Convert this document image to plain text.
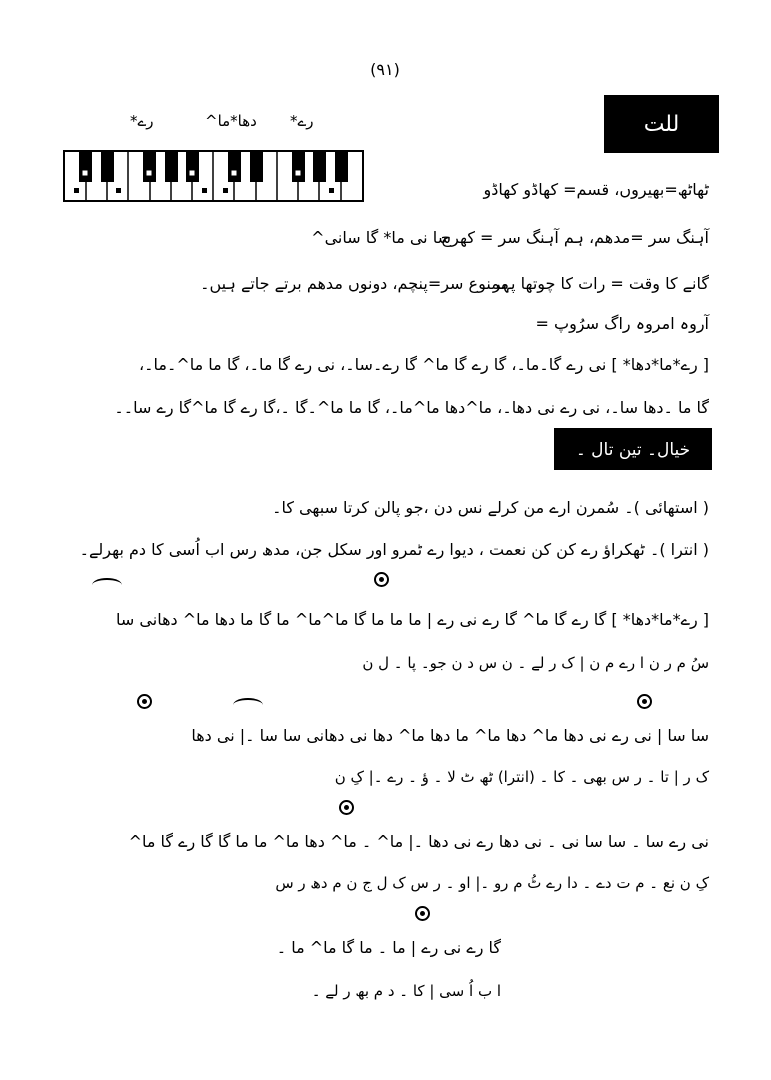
(۹۱)
للت
رے*
دھا*ما^
رے*
ٹھاٹھ=بھیروں، قسم= کھاڈو کھاڈو
سا نی ما* گا سانی^
آہنگ سر =مدھم، ہم آہنگ سر = کھرج
گانے کا وقت = رات کا چوتھا پہر
ممنوع سر=پنچم، دونوں مدھم برتے جاتے ہیں۔
آروہ امروہ راگ سرُوپ =
[ رے*ما*دھا* ] نی رے گا۔ما۔، گا رے گا ما^ گا رے۔سا۔، نی رے گا ما۔، گا ما ما^۔ما۔،
گا ما ۔دھا سا۔، نی رے نی دھا۔، ما^دھا ما^ما۔، گا ما ما^۔گا ۔،گا رے گا ما^گا رے سا۔۔
خیال۔ تین تال ۔
( استھائی )۔ سُمرن ارے من کرلے نس دن ،جو پالن کرتا سبھی کا۔
( انترا )۔ ٹھکراؤ رے کن کن نعمت ، دیوا رے ٹمرو اور سکل جن، مدھ رس اب اُسی کا دم بھرلے۔
[ رے*ما*دھا* ] گا رے گا ما^ گا رے نی رے | ما ما ما گا ما^ما^ ما گا ما دھا ما^ دھانی سا
سُ م ر ن ا رے م ن | ک ر لے ۔ ن س د ن جو۔ پا ۔ ل ن
سا سا | نی رے نی دھا ما^ دھا ما^ ما دھا ما^ دھا نی دھانی سا سا ۔| نی دھا
ک ر | تا ۔ ر س بھی ۔ کا ۔ (انترا) ٹھ ٹ لا ۔ ؤ ۔ رے ۔| کِ ن
نی رے سا ۔ سا سا نی ۔ نی دھا رے نی دھا ۔| ما^ ۔ ما^ دھا ما^ ما ما گا گا رے گا ما^
کِ ن نع ۔ م ت دے ۔ دا رے ٹُ م رو ۔| او ۔ ر س ک ل ج ن م دھ ر س
گا رے نی رے | ما ۔ ما گا ما^ ما ۔
ا ب اُ سی | کا ۔ د م بھ ر لے ۔
